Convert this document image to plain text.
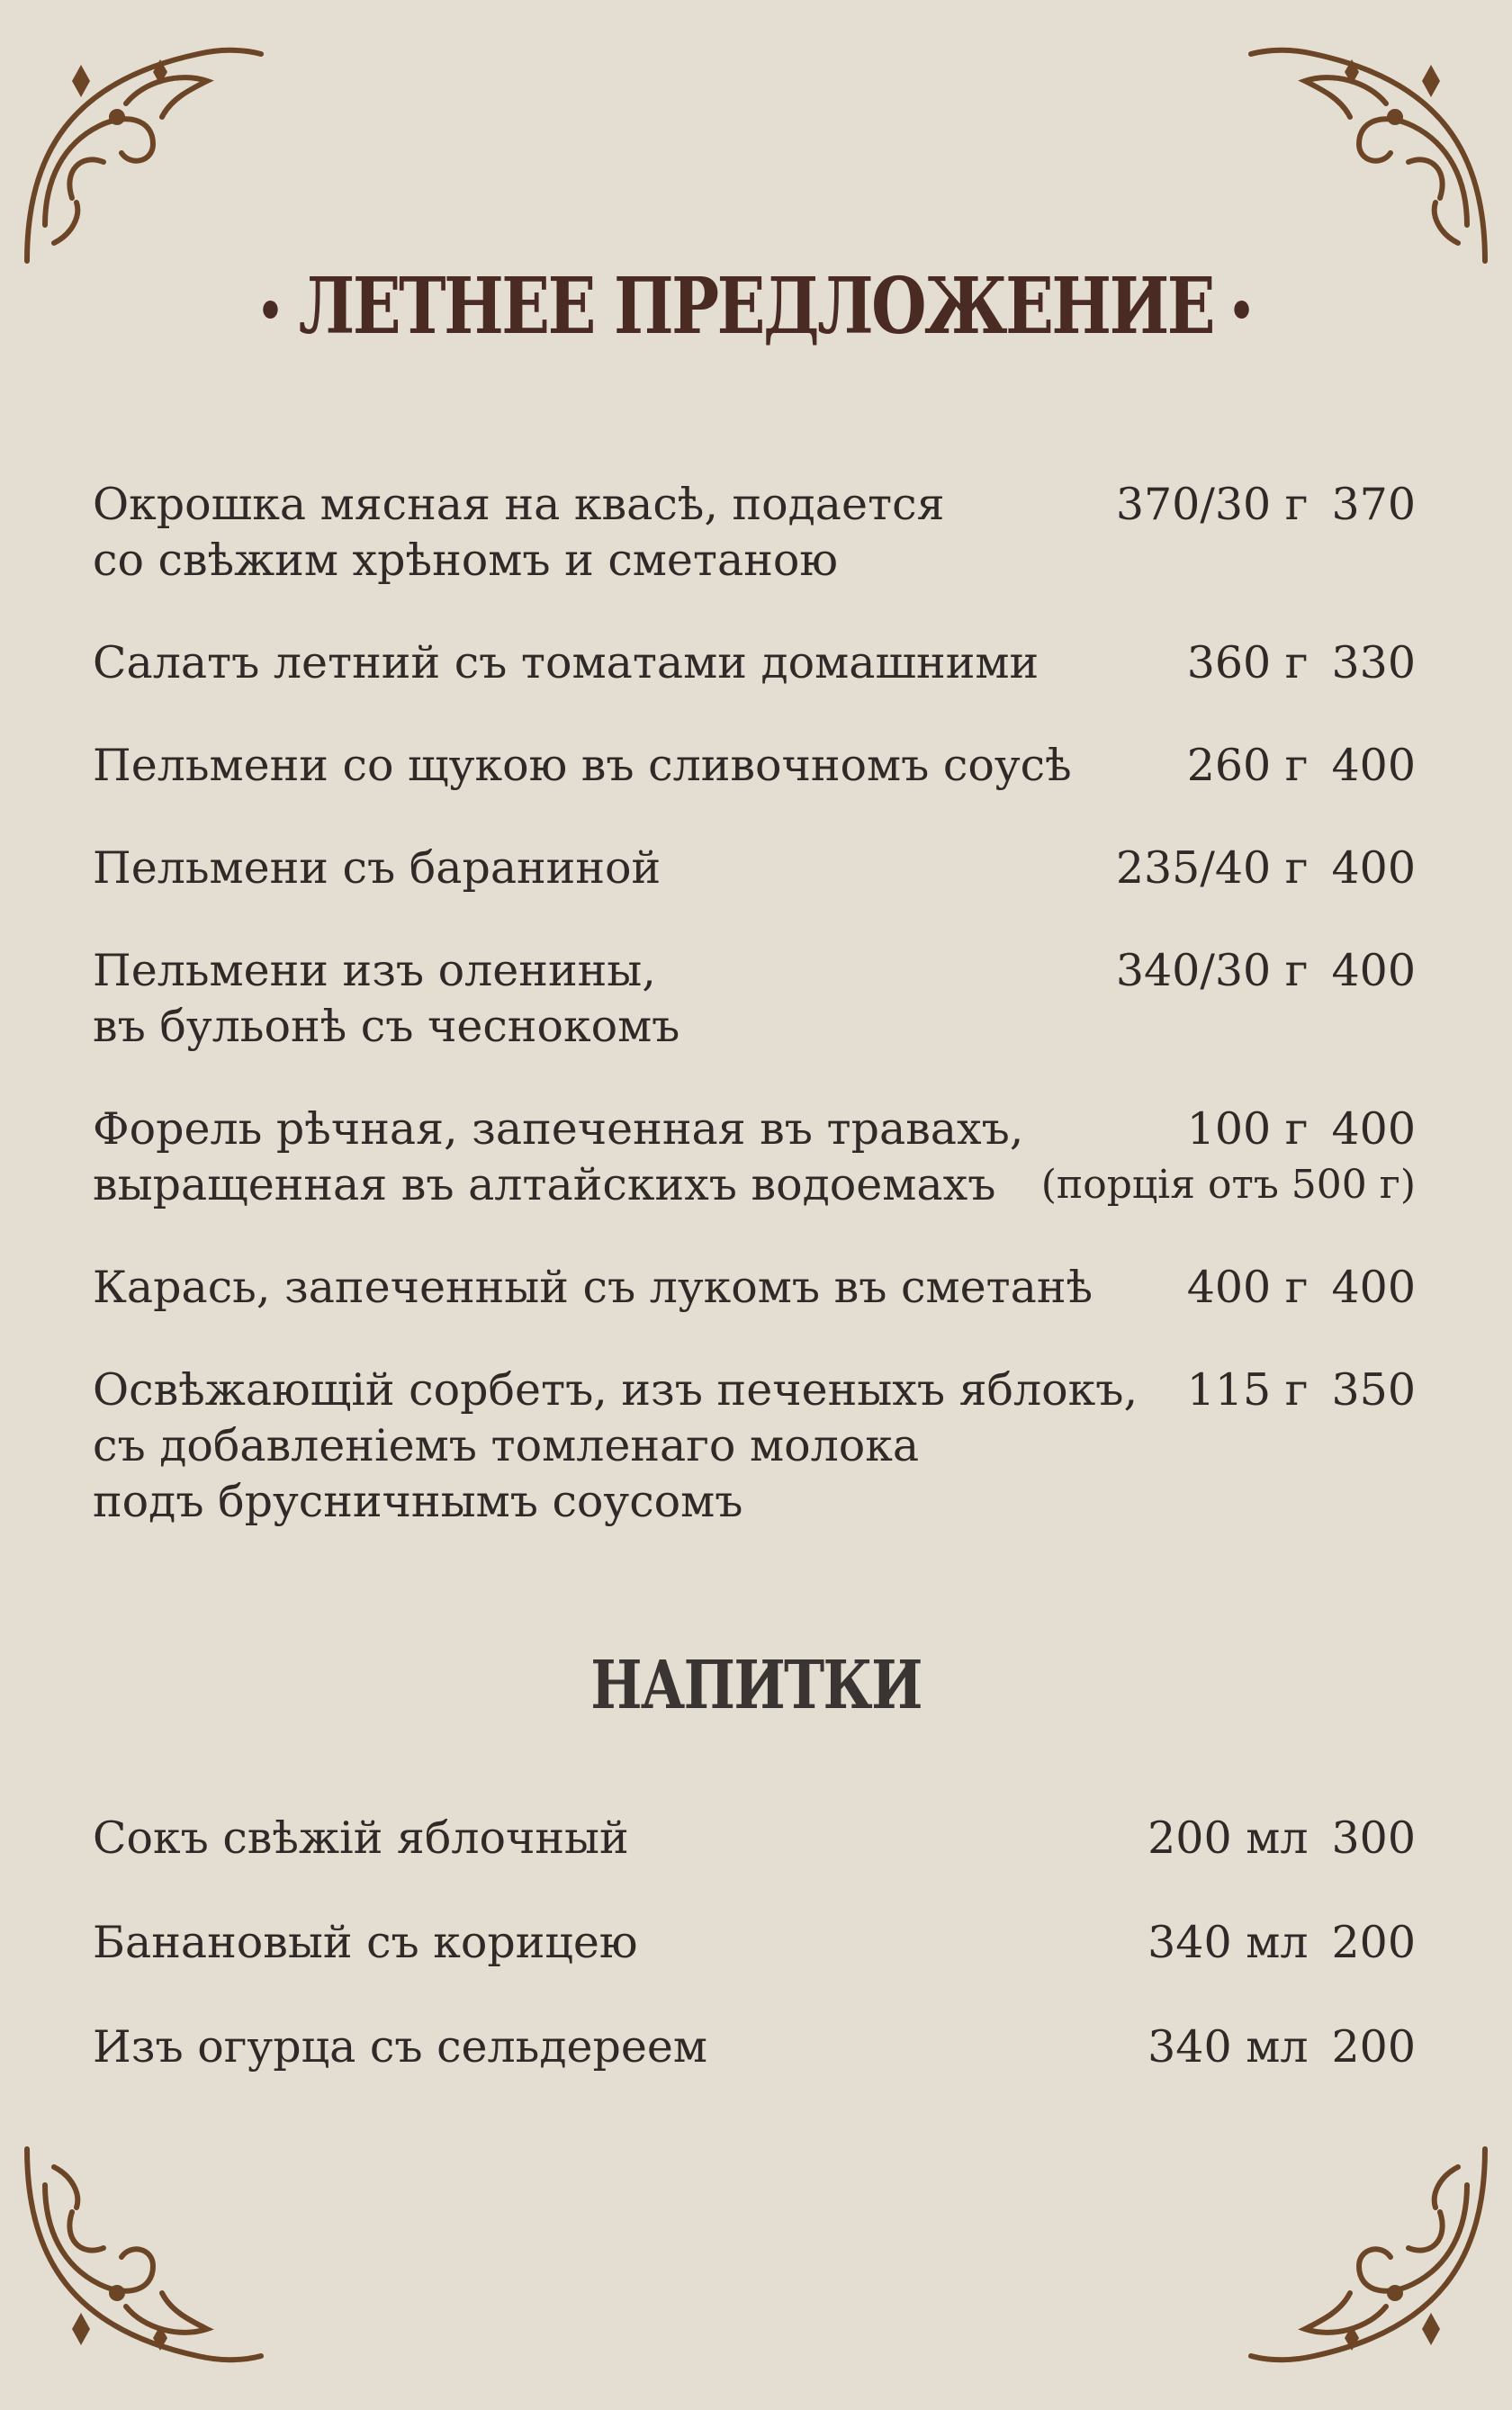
ЛЕТНЕЕ ПРЕДЛОЖЕНИЕ
Окрошка мясная на квасѣ, подается
со свѣжим хрѣномъ и сметаною
370/30 г 370
Салатъ летний съ томатами домашними	360 г 330
Пельмени со щукою въ сливочномъ соусѣ	260 г 400
Пельмени съ бараниной	235/40 г 400
Пельмени изъ оленины,
въ бульонѣ съ чеснокомъ
340/30 г 400
Форель рѣчная, запеченная въ травахъ,
выращенная въ алтайскихъ водоемахъ
100 г 400
(порція отъ 500 г)
Карась, запеченный съ лукомъ въ сметанѣ	400 г 400
Освѣжающій сорбетъ, изъ печеныхъ яблокъ,
съ добавленіемъ томленаго молока
подъ брусничнымъ соусомъ
115 г 350
НАПИТКИ
Сокъ свѣжій яблочный	200 мл 300
Банановый съ корицею	340 мл 200
Изъ огурца съ сельдереем	340 мл 200
